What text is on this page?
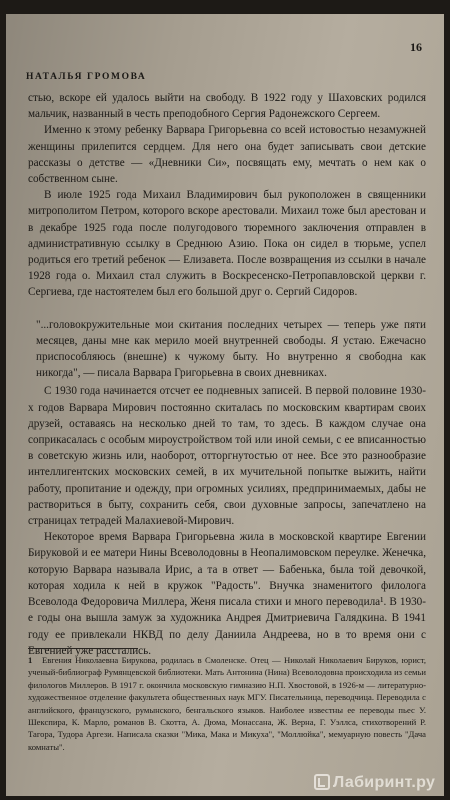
16
НАТАЛЬЯ ГРОМОВА

стью, вскоре ей удалось выйти на свободу. В 1922 году у Шаховских родился мальчик, названный в честь преподобного Сергия Радонежского Сергеем.

Именно к этому ребенку Варвара Григорьевна со всей истовостью незамужней женщины прилепится сердцем. Для него она будет записывать свои детские рассказы о детстве — «Дневники Си», посвящать ему, мечтать о нем как о собственном сыне.

В июле 1925 года Михаил Владимирович был рукоположен в священники митрополитом Петром, которого вскоре арестовали. Михаил тоже был арестован и в декабре 1925 года после полугодового тюремного заключения отправлен в административную ссылку в Среднюю Азию. Пока он сидел в тюрьме, успел родиться его третий ребенок — Елизавета. После возвращения из ссылки в начале 1928 года о. Михаил стал служить в Воскресенско-Петропавловской церкви г. Сергиева, где настоятелем был его большой друг о. Сергий Сидоров.

"...головокружительные мои скитания последних четырех — теперь уже пяти месяцев, даны мне как мерило моей внутренней свободы. Я устаю. Ежечасно приспособляюсь (внешне) к чужому быту. Но внутренно я свободна как никогда", — писала Варвара Григорьевна в своих дневниках.

С 1930 года начинается отсчет ее подневных записей. В первой половине 1930-х годов Варвара Мирович постоянно скиталась по московским квартирам своих друзей, оставаясь на несколько дней то там, то здесь. В каждом случае она соприкасалась с особым мироустройством той или иной семьи, с ее вписанностью в советскую жизнь или, наоборот, отторгнутостью от нее. Все это разнообразие интеллигентских московских семей, в их мучительной попытке выжить, найти работу, пропитание и одежду, при огромных усилиях, предпринимаемых, дабы не раствориться в быту, сохранить себя, свои духовные запросы, запечатлено на страницах тетрадей Малахиевой-Мирович.

Некоторое время Варвара Григорьевна жила в московской квартире Евгении Бируковой и ее матери Нины Всеволодовны в Неопалимовском переулке. Женечка, которую Варвара называла Ирис, а та в ответ — Бабенька, была той девочкой, которая ходила к ней в кружок "Радость". Внучка знаменитого филолога Всеволода Федоровича Миллера, Женя писала стихи и много переводила¹. В 1930-е годы она вышла замуж за художника Андрея Дмитриевича Галядкина. В 1941 году ее привлекали НКВД по делу Даниила Андреева, но в то время они с Евгенией уже расстались.

1 Евгения Николаевна Бирукова, родилась в Смоленске. Отец — Николай Николаевич Бируков, юрист, ученый-библиограф Румянцевской библиотеки. Мать Антонина (Нина) Всеволодовна происходила из семьи филологов Миллеров. В 1917 г. окончила московскую гимназию Н.П. Хвостовой, в 1926-м — литературно-художественное отделение факультета общественных наук МГУ. Писательница, переводчица. Переводила с английского, французского, румынского, бенгальского языков. Наиболее известны ее переводы пьес У. Шекспира, К. Марло, романов В. Скотта, А. Дюма, Монассана, Ж. Верна, Г. Уэллса, стихотворений Р. Тагора, Тудора Аргези. Написала сказки "Мика, Мака и Микуха", "Моллюйка", мемуарную повесть "Дача комнаты".
Лабиринт.ру
